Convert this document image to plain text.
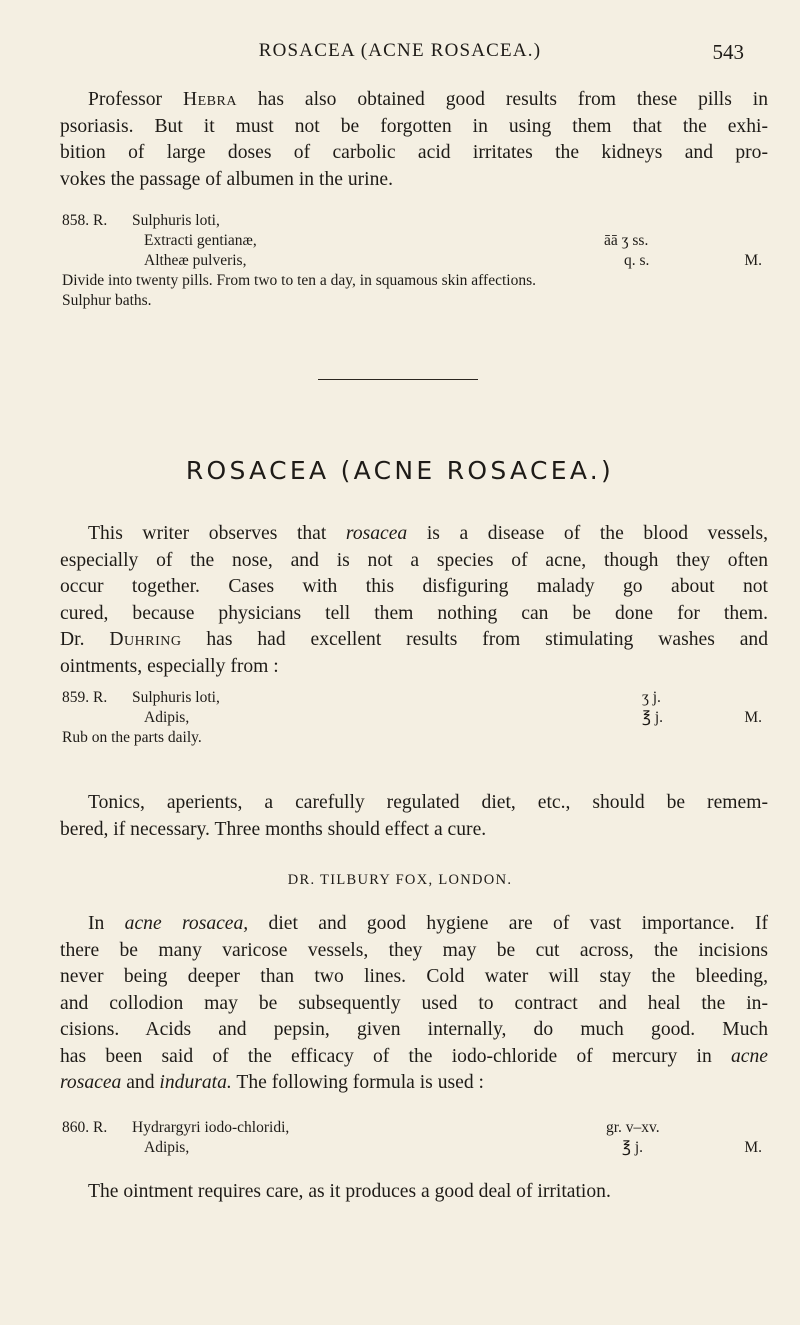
ROSACEA (ACNE ROSACEA.)	543
Professor Hebra has also obtained good results from these pills in
psoriasis. But it must not be forgotten in using them that the exhi-
bition of large doses of carbolic acid irritates the kidneys and pro-
vokes the passage of albumen in the urine.
858. R. Sulphuris loti,
Extracti gentianæ,	āā ʒ ss.
Altheæ pulveris,	q. s.	M.
Divide into twenty pills. From two to ten a day, in squamous skin affections.
Sulphur baths.
ROSACEA (ACNE ROSACEA.)
This writer observes that rosacea is a disease of the blood vessels,
especially of the nose, and is not a species of acne, though they often
occur together. Cases with this disfiguring malady go about not
cured, because physicians tell them nothing can be done for them.
Dr. Duhring has had excellent results from stimulating washes and
ointments, especially from :
859. R. Sulphuris loti,	ʒ j.
Adipis,	℥ j.	M.
Rub on the parts daily.
Tonics, aperients, a carefully regulated diet, etc., should be remem-
bered, if necessary. Three months should effect a cure.
DR. TILBURY FOX, LONDON.
In acne rosacea, diet and good hygiene are of vast importance. If
there be many varicose vessels, they may be cut across, the incisions
never being deeper than two lines. Cold water will stay the bleeding,
and collodion may be subsequently used to contract and heal the in-
cisions. Acids and pepsin, given internally, do much good. Much
has been said of the efficacy of the iodo-chloride of mercury in acne
rosacea and indurata. The following formula is used :
860. R. Hydrargyri iodo-chloridi,	gr. v–xv.
Adipis,	℥ j.	M.
The ointment requires care, as it produces a good deal of irritation.
